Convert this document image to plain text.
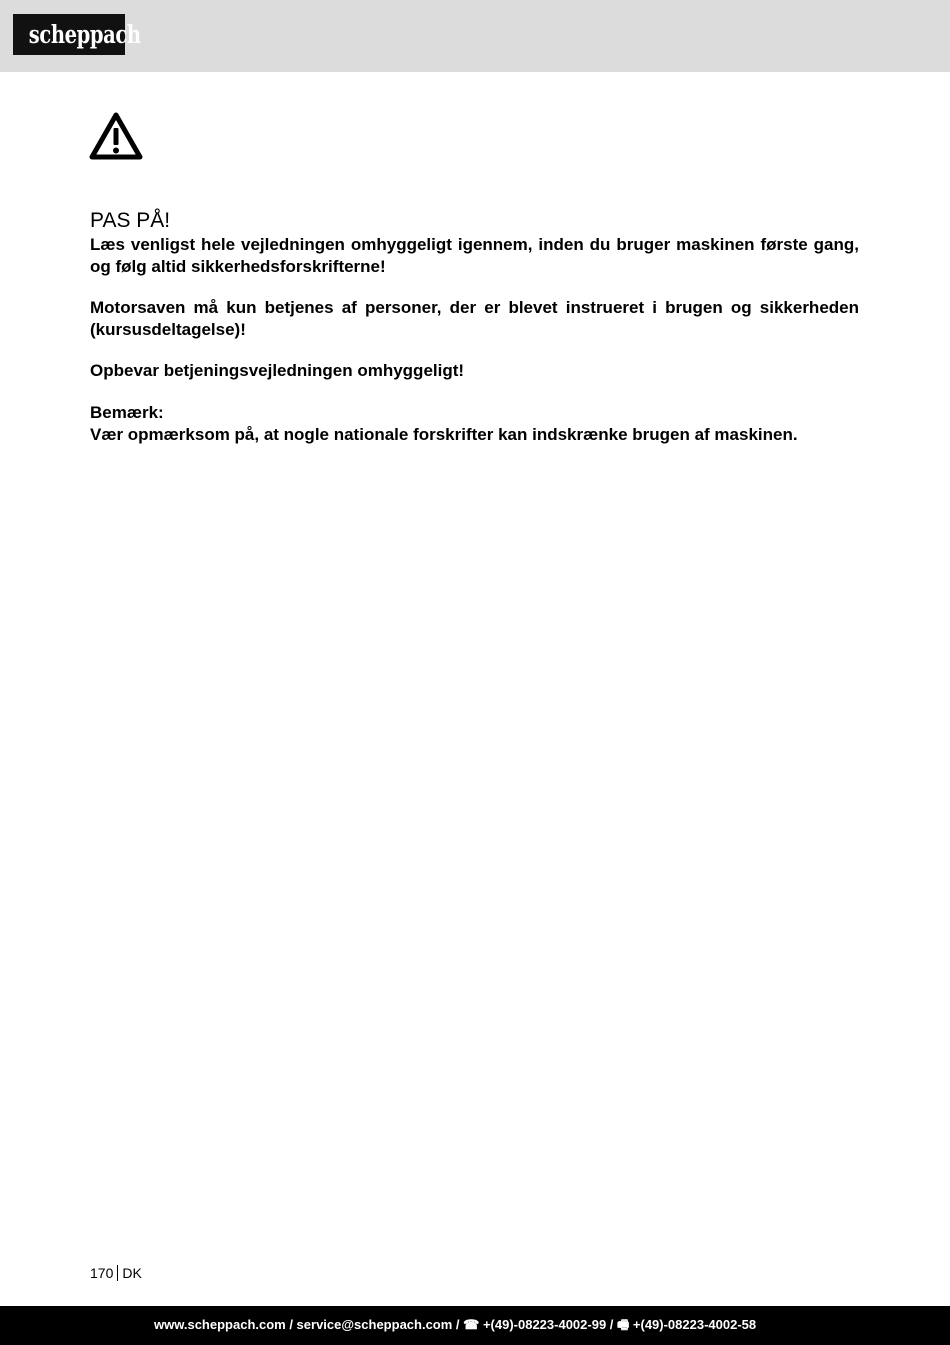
scheppach
PAS PÅ!

Læs venligst hele vejledningen omhyggeligt igennem, inden du bruger maskinen første gang, og følg altid sikkerhedsforskrifterne!

Motorsaven må kun betjenes af personer, der er blevet instrueret i brugen og sikkerheden (kursusdeltagelse)!

Opbevar betjeningsvejledningen omhyggeligt!

Bemærk:

Vær opmærksom på, at nogle nationale forskrifter kan indskrænke brugen af maskinen.

170 DK
www.scheppach.com / service@scheppach.com / ☎ +(49)-08223-4002-99 / 🖷 +(49)-08223-4002-58
